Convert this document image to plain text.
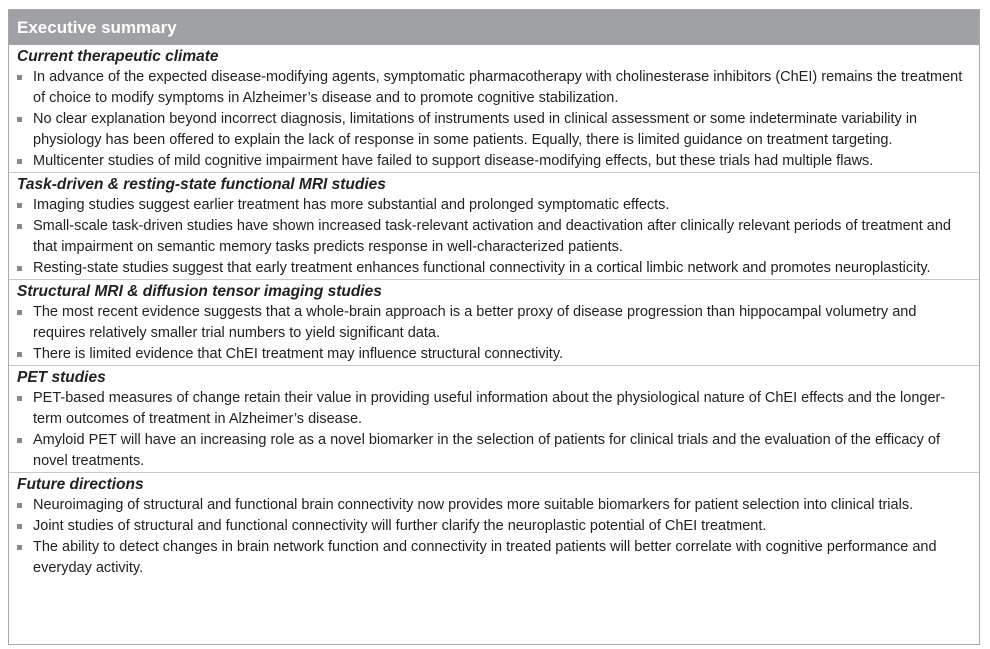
Executive summary
Current therapeutic climate
In advance of the expected disease-modifying agents, symptomatic pharmacotherapy with cholinesterase inhibitors (ChEI) remains the treatment of choice to modify symptoms in Alzheimer’s disease and to promote cognitive stabilization.
No clear explanation beyond incorrect diagnosis, limitations of instruments used in clinical assessment or some indeterminate variability in physiology has been offered to explain the lack of response in some patients. Equally, there is limited guidance on treatment targeting.
Multicenter studies of mild cognitive impairment have failed to support disease-modifying effects, but these trials had multiple flaws.
Task-driven & resting-state functional MRI studies
Imaging studies suggest earlier treatment has more substantial and prolonged symptomatic effects.
Small-scale task-driven studies have shown increased task-relevant activation and deactivation after clinically relevant periods of treatment and that impairment on semantic memory tasks predicts response in well-characterized patients.
Resting-state studies suggest that early treatment enhances functional connectivity in a cortical limbic network and promotes neuroplasticity.
Structural MRI & diffusion tensor imaging studies
The most recent evidence suggests that a whole-brain approach is a better proxy of disease progression than hippocampal volumetry and requires relatively smaller trial numbers to yield significant data.
There is limited evidence that ChEI treatment may influence structural connectivity.
PET studies
PET-based measures of change retain their value in providing useful information about the physiological nature of ChEI effects and the longer-term outcomes of treatment in Alzheimer’s disease.
Amyloid PET will have an increasing role as a novel biomarker in the selection of patients for clinical trials and the evaluation of the efficacy of novel treatments.
Future directions
Neuroimaging of structural and functional brain connectivity now provides more suitable biomarkers for patient selection into clinical trials.
Joint studies of structural and functional connectivity will further clarify the neuroplastic potential of ChEI treatment.
The ability to detect changes in brain network function and connectivity in treated patients will better correlate with cognitive performance and everyday activity.
